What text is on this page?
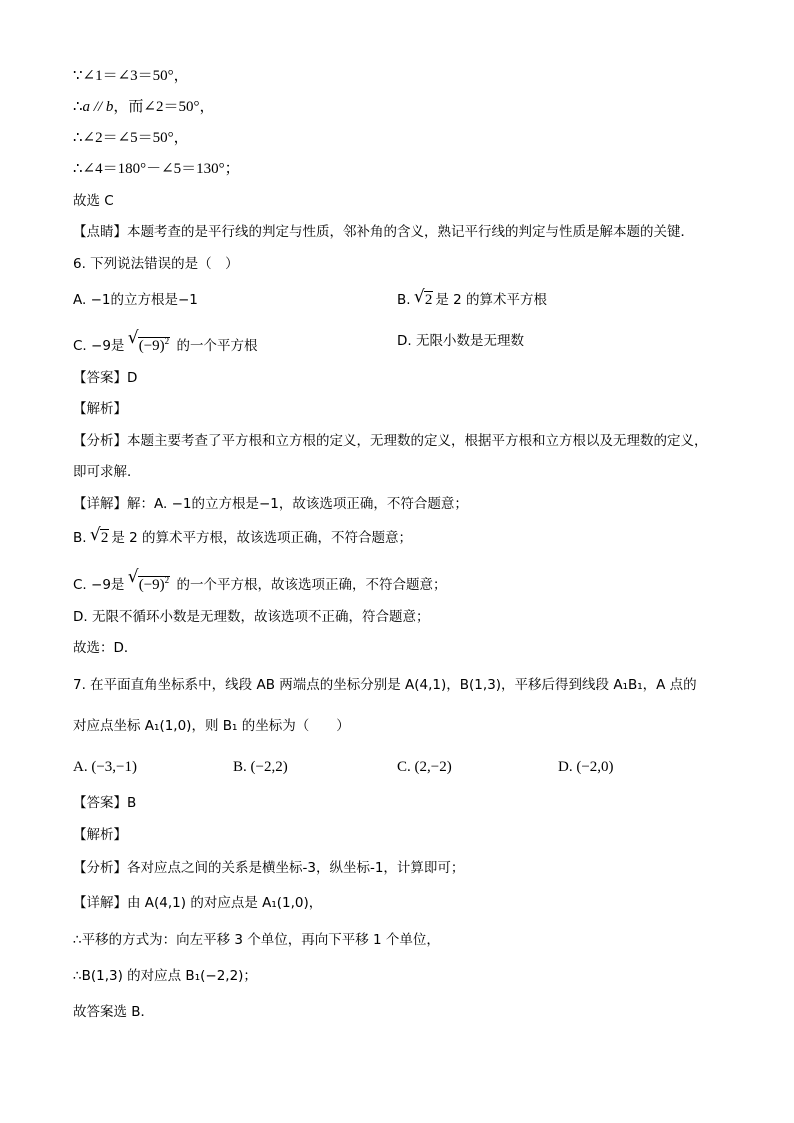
∵∠1＝∠3＝50°，
∴a // b，而∠2＝50°，
∴∠2＝∠5＝50°，
∴∠4＝180°－∠5＝130°；
故选 C
【点睛】本题考查的是平行线的判定与性质，邻补角的含义，熟记平行线的判定与性质是解本题的关键．
6. 下列说法错误的是（　）
A. −1的立方根是−1	B. √ 2 是 2 的算术平方根
C. −9是 √ $(-9)^2$ 的一个平方根	D. 无限小数是无理数
【答案】D
【解析】
【分析】本题主要考查了平方根和立方根的定义，无理数的定义，根据平方根和立方根以及无理数的定义，
即可求解．
【详解】解：A. −1的立方根是−1，故该选项正确，不符合题意；
B. √ 2 是 2 的算术平方根，故该选项正确，不符合题意；
C. −9是 √ $(-9)^2$ 的一个平方根，故该选项正确，不符合题意；
D. 无限不循环小数是无理数，故该选项不正确，符合题意；
故选：D．
7. 在平面直角坐标系中，线段 AB 两端点的坐标分别是 A(4,1)，B(1,3)，平移后得到线段 A₁B₁，A 点的
对应点坐标 A₁(1,0)，则 B₁ 的坐标为（　　）
A. (−3,−1)	B. (−2,2)	C. (2,−2)	D. (−2,0)
【答案】B
【解析】
【分析】各对应点之间的关系是横坐标-3，纵坐标-1，计算即可；
【详解】由 A(4,1) 的对应点是 A₁(1,0)，
∴平移的方式为：向左平移 3 个单位，再向下平移 1 个单位，
∴B(1,3) 的对应点 B₁(−2,2)；
故答案选 B．
